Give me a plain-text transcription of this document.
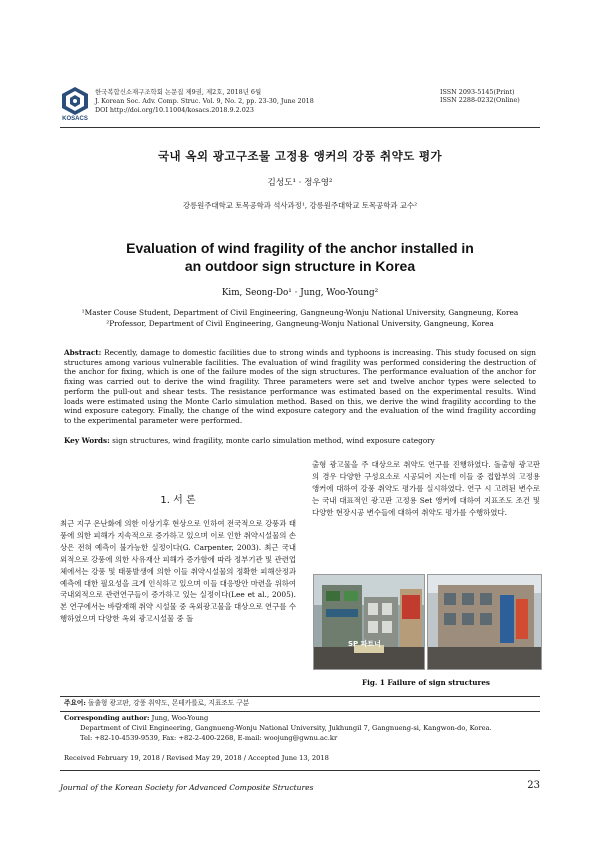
KOSACS
한국복합신소재구조학회 논문집 제9권, 제2호, 2018년 6월
J. Korean Soc. Adv. Comp. Struc. Vol. 9, No. 2, pp. 23-30, June 2018
DOI http://doi.org/10.11004/kosacs.2018.9.2.023
ISSN 2093-5145(Print)
ISSN 2288-0232(Online)
국내 옥외 광고구조물 고정용 앵커의 강풍 취약도 평가
김성도¹ · 정우영²
강릉원주대학교 토목공학과 석사과정¹, 강릉원주대학교 토목공학과 교수²
Evaluation of wind fragility of the anchor installed in
an outdoor sign structure in Korea
Kim, Seong-Do¹ · Jung, Woo-Young²
¹Master Couse Student, Department of Civil Engineering, Gangneung-Wonju National University, Gangneung, Korea
²Professor, Department of Civil Engineering, Gangneung-Wonju National University, Gangneung, Korea
Abstract: Recently, damage to domestic facilities due to strong winds and typhoons is increasing. This study focused on sign structures among various vulnerable facilities. The evaluation of wind fragility was performed considering the destruction of the anchor for fixing, which is one of the failure modes of the sign structures. The performance evaluation of the anchor for fixing was carried out to derive the wind fragility. Three parameters were set and twelve anchor types were selected to perform the pull-out and shear tests. The resistance performance was estimated based on the experimental results. Wind loads were estimated using the Monte Carlo simulation method. Based on this, we derive the wind fragility according to the wind exposure category. Finally, the change of the wind exposure category and the evaluation of the wind fragility according to the experimental parameter were performed.
Key Words: sign structures, wind fragility, monte carlo simulation method, wind exposure category
1. 서 론

최근 지구 온난화에 의한 이상기후 현상으로 인하여 전국적으로 강풍과 태풍에 의한 피해가 지속적으로 증가하고 있으며 이로 인한 취약시설물의 손상은 전혀 예측이 불가능한 실정이다(G. Carpenter, 2003). 최근 국내외적으로 강풍에 의한 사유재산 피해가 증가함에 따라 정부기관 및 관련업체에서는 강풍 및 태풍발생에 의한 이들 취약시설물의 정확한 피해산정과 예측에 대한 필요성을 크게 인식하고 있으며 이들 대응방안 마련을 위하여 국내외적으로 관련연구들이 증가하고 있는 실정이다(Lee et al., 2005). 본 연구에서는 바람재해 취약 시설물 중 옥외광고물을 대상으로 연구를 수행하였으며 다양한 옥외 광고시설물 중 돌

출형 광고물을 주 대상으로 취약도 연구를 진행하였다. 돌출형 광고판의 경우 다양한 구성요소로 시공되어 지는데 이들 중 접합부의 고정용 앵커에 대하여 강풍 취약도 평가를 실시하였다. 연구 시 고려된 변수로는 국내 대표적인 광고판 고정용 Set 앵커에 대하여 지표조도 조건 및 다양한 현장시공 변수들에 대하여 취약도 평가를 수행하였다.

SP 파트너
Fig. 1 Failure of sign structures
주요어: 돌출형 광고판, 강풍 취약도, 몬테카를로, 지표조도 구분
Corresponding author: Jung, Woo-Young
Department of Civil Engineering, Gangnueng-Wonju National University, Jukhungil 7, Gangnueng-si, Kangwon-do, Korea.
Tel: +82-10-4539-9539, Fax: +82-2-400-2268, E-mail: woojung@gwnu.ac.kr
Received February 19, 2018 / Revised May 29, 2018 / Accepted June 13, 2018
Journal of the Korean Society for Advanced Composite Structures	23
